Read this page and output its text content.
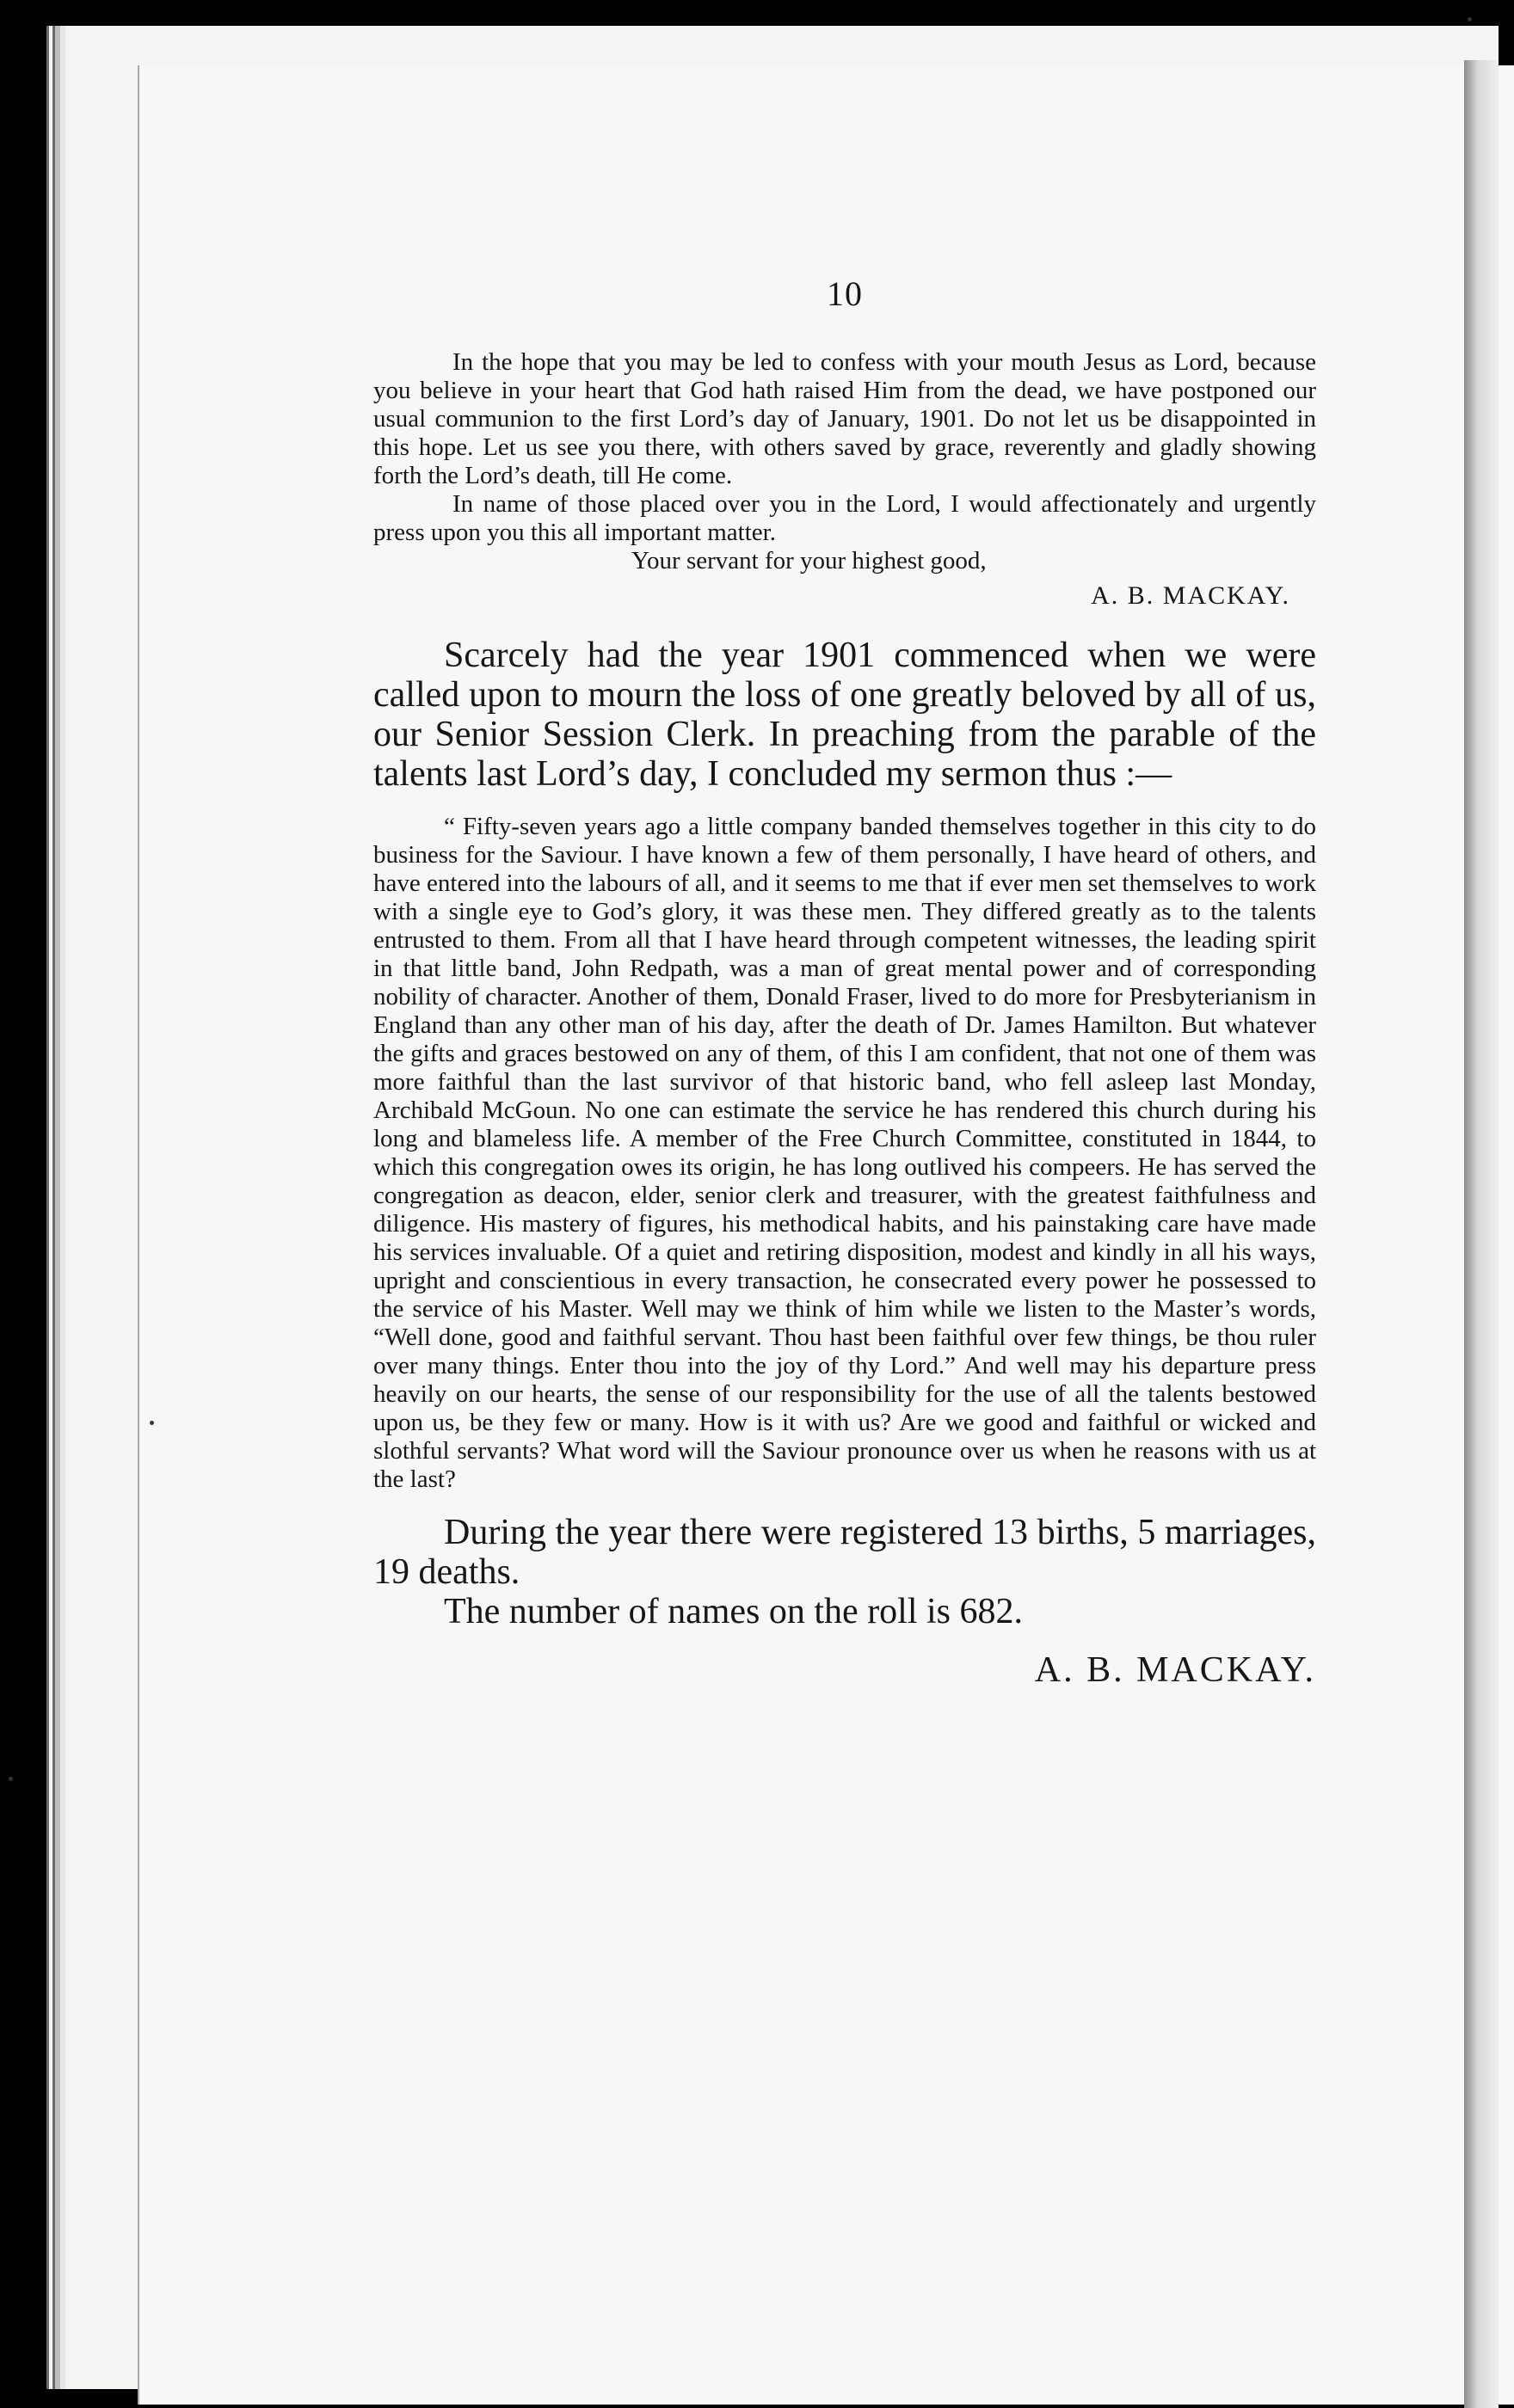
10

In the hope that you may be led to confess with your mouth Jesus as Lord, because you believe in your heart that God hath raised Him from the dead, we have postponed our usual communion to the first Lord’s day of January, 1901. Do not let us be disappointed in this hope. Let us see you there, with others saved by grace, reverently and gladly showing forth the Lord’s death, till He come.

In name of those placed over you in the Lord, I would affectionately and urgently press upon you this all important matter.

Your servant for your highest good,

A. B. MACKAY.

Scarcely had the year 1901 commenced when we were called upon to mourn the loss of one greatly beloved by all of us, our Senior Session Clerk. In preaching from the parable of the talents last Lord’s day, I concluded my sermon thus :—

“ Fifty-seven years ago a little company banded themselves together in this city to do business for the Saviour. I have known a few of them personally, I have heard of others, and have entered into the labours of all, and it seems to me that if ever men set themselves to work with a single eye to God’s glory, it was these men. They differed greatly as to the talents entrusted to them. From all that I have heard through competent witnesses, the leading spirit in that little band, John Redpath, was a man of great mental power and of corresponding nobility of character. Another of them, Donald Fraser, lived to do more for Presbyterianism in England than any other man of his day, after the death of Dr. James Hamilton. But whatever the gifts and graces bestowed on any of them, of this I am confident, that not one of them was more faithful than the last survivor of that historic band, who fell asleep last Monday, Archibald McGoun. No one can estimate the service he has rendered this church during his long and blameless life. A member of the Free Church Committee, constituted in 1844, to which this congregation owes its origin, he has long outlived his compeers. He has served the congregation as deacon, elder, senior clerk and treasurer, with the greatest faithfulness and diligence. His mastery of figures, his methodical habits, and his painstaking care have made his services invaluable. Of a quiet and retiring disposition, modest and kindly in all his ways, upright and conscientious in every transaction, he consecrated every power he possessed to the service of his Master. Well may we think of him while we listen to the Master’s words, “Well done, good and faithful servant. Thou hast been faithful over few things, be thou ruler over many things. Enter thou into the joy of thy Lord.” And well may his departure press heavily on our hearts, the sense of our responsibility for the use of all the talents bestowed upon us, be they few or many. How is it with us? Are we good and faithful or wicked and slothful servants? What word will the Saviour pronounce over us when he reasons with us at the last?

During the year there were registered 13 births, 5 marriages, 19 deaths.

The number of names on the roll is 682.

A. B. MACKAY.
